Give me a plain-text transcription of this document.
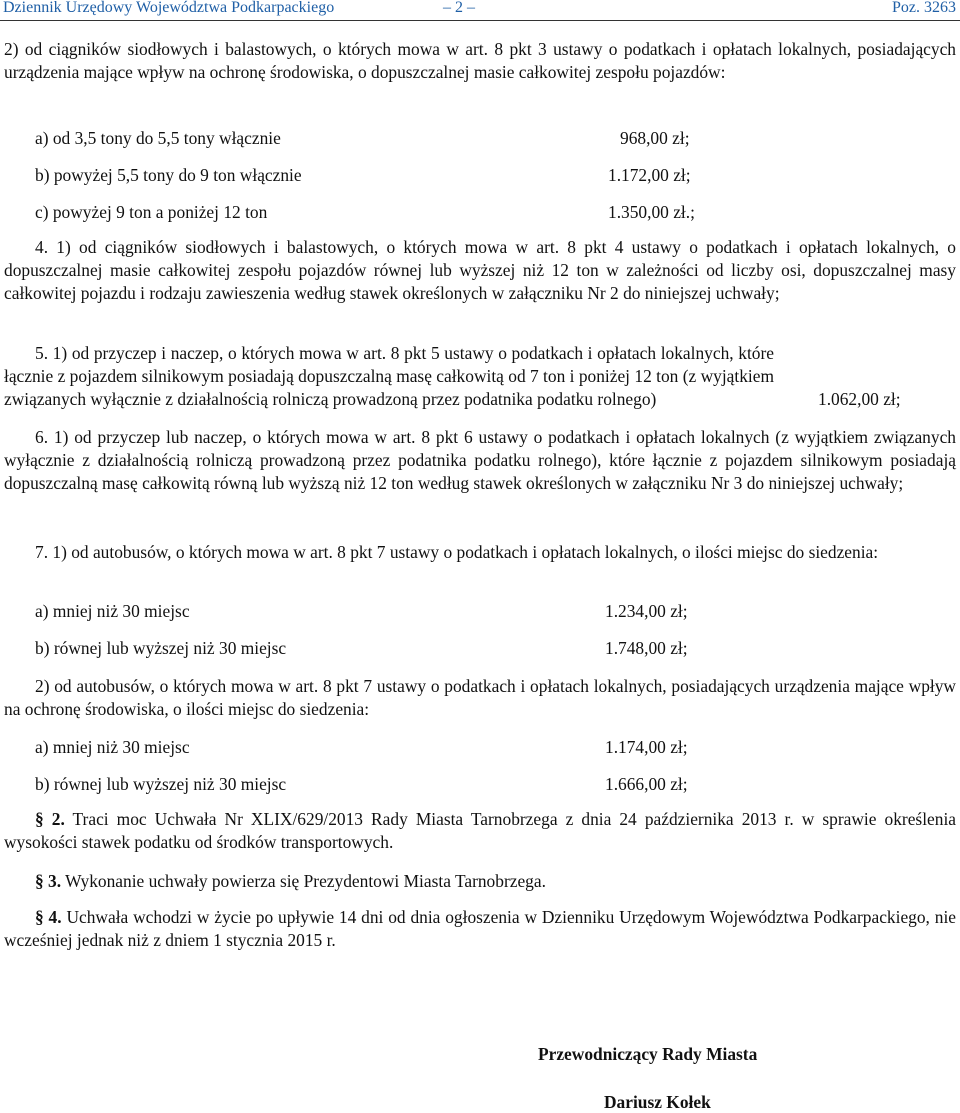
Dziennik Urzędowy Województwa Podkarpackiego	– 2 –	Poz. 3263
2) od ciągników siodłowych i balastowych, o których mowa w art. 8 pkt 3 ustawy o podatkach i opłatach lokalnych, posiadających urządzenia mające wpływ na ochronę środowiska, o dopuszczalnej masie całkowitej zespołu pojazdów:
a) od 3,5 tony do 5,5 tony włącznie	968,00 zł;
b) powyżej 5,5 tony do 9 ton włącznie	1.172,00 zł;
c) powyżej 9 ton a poniżej 12 ton	1.350,00 zł.;
4. 1) od ciągników siodłowych i balastowych, o których mowa w art. 8 pkt 4 ustawy o podatkach i opłatach lokalnych, o dopuszczalnej masie całkowitej zespołu pojazdów równej lub wyższej niż 12 ton w zależności od liczby osi, dopuszczalnej masy całkowitej pojazdu i rodzaju zawieszenia według stawek określonych w załączniku Nr 2 do niniejszej uchwały;
5. 1) od przyczep i naczep, o których mowa w art. 8 pkt 5 ustawy o podatkach i opłatach lokalnych, które łącznie z pojazdem silnikowym posiadają dopuszczalną masę całkowitą od 7 ton i poniżej 12 ton (z wyjątkiem związanych wyłącznie z działalnością rolniczą prowadzoną przez podatnika podatku rolnego)	1.062,00 zł;
6. 1) od przyczep lub naczep, o których mowa w art. 8 pkt 6 ustawy o podatkach i opłatach lokalnych (z wyjątkiem związanych wyłącznie z działalnością rolniczą prowadzoną przez podatnika podatku rolnego), które łącznie z pojazdem silnikowym posiadają dopuszczalną masę całkowitą równą lub wyższą niż 12 ton według stawek określonych w załączniku Nr 3 do niniejszej uchwały;
7. 1) od autobusów, o których mowa w art. 8 pkt 7 ustawy o podatkach i opłatach lokalnych, o ilości miejsc do siedzenia:
a) mniej niż 30 miejsc	1.234,00 zł;
b) równej lub wyższej niż 30 miejsc	1.748,00 zł;
2) od autobusów, o których mowa w art. 8 pkt 7 ustawy o podatkach i opłatach lokalnych, posiadających urządzenia mające wpływ na ochronę środowiska, o ilości miejsc do siedzenia:
a) mniej niż 30 miejsc	1.174,00 zł;
b) równej lub wyższej niż 30 miejsc	1.666,00 zł;
§ 2. Traci moc Uchwała Nr XLIX/629/2013 Rady Miasta Tarnobrzega z dnia 24 października 2013 r. w sprawie określenia wysokości stawek podatku od środków transportowych.
§ 3. Wykonanie uchwały powierza się Prezydentowi Miasta Tarnobrzega.
§ 4. Uchwała wchodzi w życie po upływie 14 dni od dnia ogłoszenia w Dzienniku Urzędowym Województwa Podkarpackiego, nie wcześniej jednak niż z dniem 1 stycznia 2015 r.
Przewodniczący Rady Miasta
Dariusz Kołek
